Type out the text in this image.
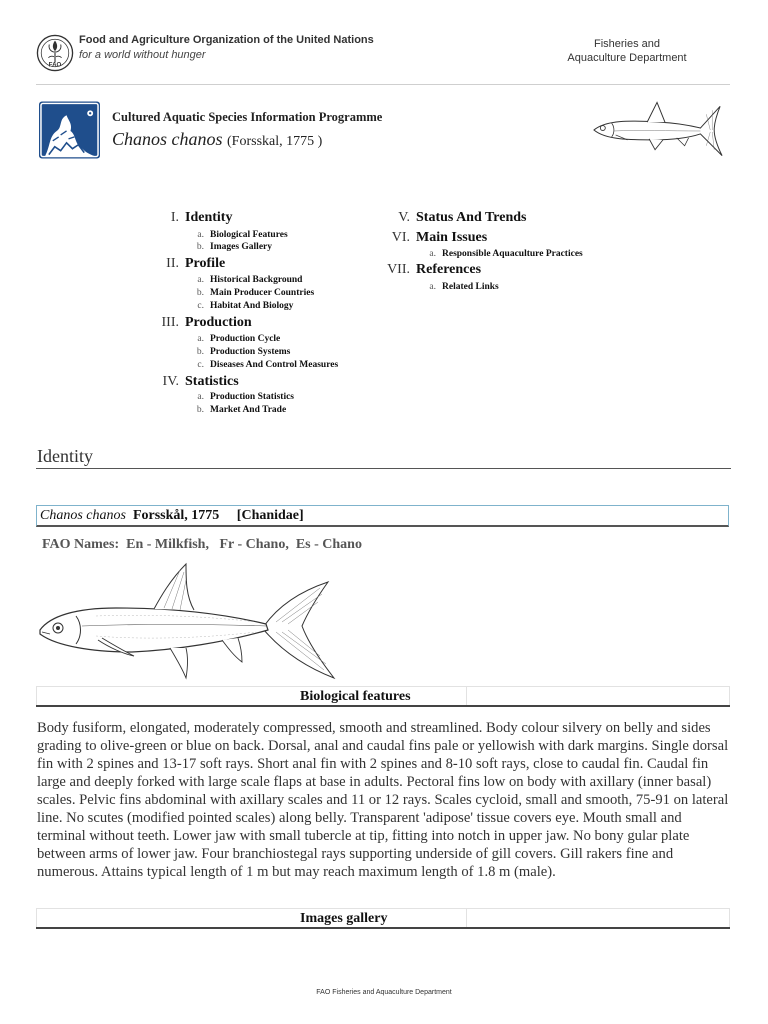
FAO
Food and Agriculture Organization of the United Nations
for a world without hunger
Fisheries and
Aquaculture Department
Cultured Aquatic Species Information Programme
Chanos chanos (Forsskal, 1775 )
I. Identity
a. Biological Features
b. Images Gallery
II. Profile
a. Historical Background
b. Main Producer Countries
c. Habitat And Biology
III. Production
a. Production Cycle
b. Production Systems
c. Diseases And Control Measures
IV. Statistics
a. Production Statistics
b. Market And Trade
V. Status And Trends
VI. Main Issues
a. Responsible Aquaculture Practices
VII. References
a. Related Links
Identity
Chanos chanos Forsskål, 1775     [Chanidae]
FAO Names:  En - Milkfish,   Fr - Chano,  Es - Chano
Biological features
Body fusiform, elongated, moderately compressed, smooth and streamlined. Body colour silvery on belly and sides grading to olive-green or blue on back. Dorsal, anal and caudal fins pale or yellowish with dark margins. Single dorsal fin with 2 spines and 13-17 soft rays. Short anal fin with 2 spines and 8-10 soft rays, close to caudal fin. Caudal fin large and deeply forked with large scale flaps at base in adults. Pectoral fins low on body with axillary (inner basal) scales. Pelvic fins abdominal with axillary scales and 11 or 12 rays. Scales cycloid, small and smooth, 75-91 on lateral line. No scutes (modified pointed scales) along belly. Transparent 'adipose' tissue covers eye. Mouth small and terminal without teeth. Lower jaw with small tubercle at tip, fitting into notch in upper jaw. No bony gular plate between arms of lower jaw. Four branchiostegal rays supporting underside of gill covers. Gill rakers fine and numerous. Attains typical length of 1 m but may reach maximum length of 1.8 m (male).
Images gallery
FAO Fisheries and Aquaculture Department
